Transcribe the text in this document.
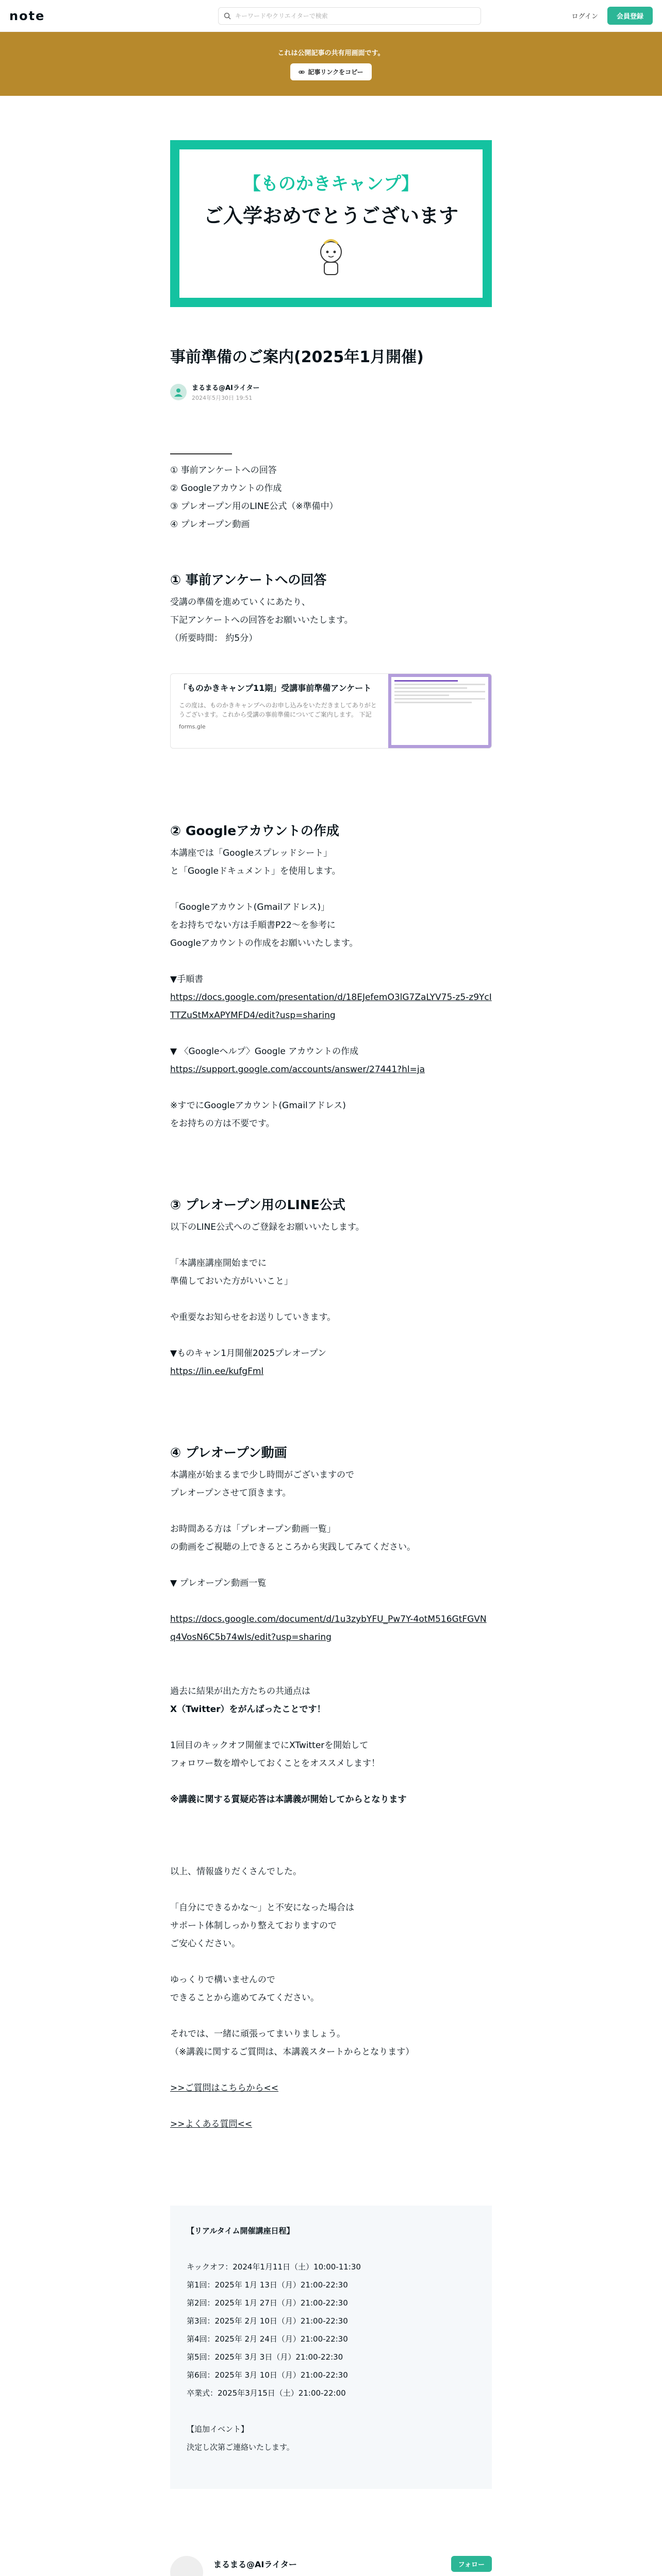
note	キーワードやクリエイターで検索	ログイン	会員登録
これは公開記事の共有用画面です。
記事リンクをコピー
【ものかきキャンプ】
ご入学おめでとうございます
事前準備のご案内(2025年1月開催)
まるまる@AIライター
2024年5月30日 19:51
① 事前アンケートへの回答
② Googleアカウントの作成
③ プレオープン用のLINE公式（※準備中）
④ プレオープン動画
① 事前アンケートへの回答
受講の準備を進めていくにあたり、
下記アンケートへの回答をお願いいたします。
（所要時間： 約5分）
「ものかきキャンプ11期」受講事前準備アンケート
この度は、ものかきキャンプへのお申し込みをいただきましてありがとうございます。これから受講の事前準備についてご案内します。 下記
forms.gle
② Googleアカウントの作成
本講座では「Googleスプレッドシート」
と「Googleドキュメント」を使用します。
「Googleアカウント(Gmailアドレス)」
をお持ちでない方は手順書P22〜を参考に
Googleアカウントの作成をお願いいたします。
▼手順書
https://docs.google.com/presentation/d/18EJefemO3lG7ZaLYV75-z5-z9YcITTZuStMxAPYMFD4/edit?usp=sharing
▼ 〈Googleヘルプ〉Google アカウントの作成
https://support.google.com/accounts/answer/27441?hl=ja
※すでにGoogleアカウント(Gmailアドレス)
をお持ちの方は不要です。
③ プレオープン用のLINE公式
以下のLINE公式へのご登録をお願いいたします。
「本講座講座開始までに
準備しておいた方がいいこと」
や重要なお知らせをお送りしていきます。
▼ものキャン1月開催2025プレオープン
https://lin.ee/kufgFml
④ プレオープン動画
本講座が始まるまで少し時間がございますので
プレオープンさせて頂きます。
お時間ある方は「プレオープン動画一覧」
の動画をご視聴の上できるところから実践してみてください。
▼ プレオープン動画一覧
https://docs.google.com/document/d/1u3zybYFU_Pw7Y-4otM516GtFGVNq4VosN6C5b74wIs/edit?usp=sharing
過去に結果が出た方たちの共通点は
X（Twitter）をがんばったことです！
1回目のキックオフ開催までにXTwitterを開始して
フォロワー数を増やしておくことをオススメします！
※講義に関する質疑応答は本講義が開始してからとなります
以上、情報盛りだくさんでした。
「自分にできるかな～」と不安になった場合は
サポート体制しっかり整えておりますので
ご安心ください。
ゆっくりで構いませんので
できることから進めてみてください。
それでは、一緒に頑張ってまいりましょう。
（※講義に関するご質問は、本講義スタートからとなります）
>>ご質問はこちらから<<
>>よくある質問<<
【リアルタイム開催講座日程】
キックオフ：2024年1月11日（土）10:00-11:30
第1回：2025年 1月 13日（月）21:00-22:30
第2回：2025年 1月 27日（月）21:00-22:30
第3回：2025年 2月 10日（月）21:00-22:30
第4回：2025年 2月 24日（月）21:00-22:30
第5回：2025年 3月 3日（月）21:00-22:30
第6回：2025年 3月 10日（月）21:00-22:30
卒業式：2025年3月15日（土）21:00-22:00
【追加イベント】
決定し次第ご連絡いたします。
まるまる@AIライター	フォロー
